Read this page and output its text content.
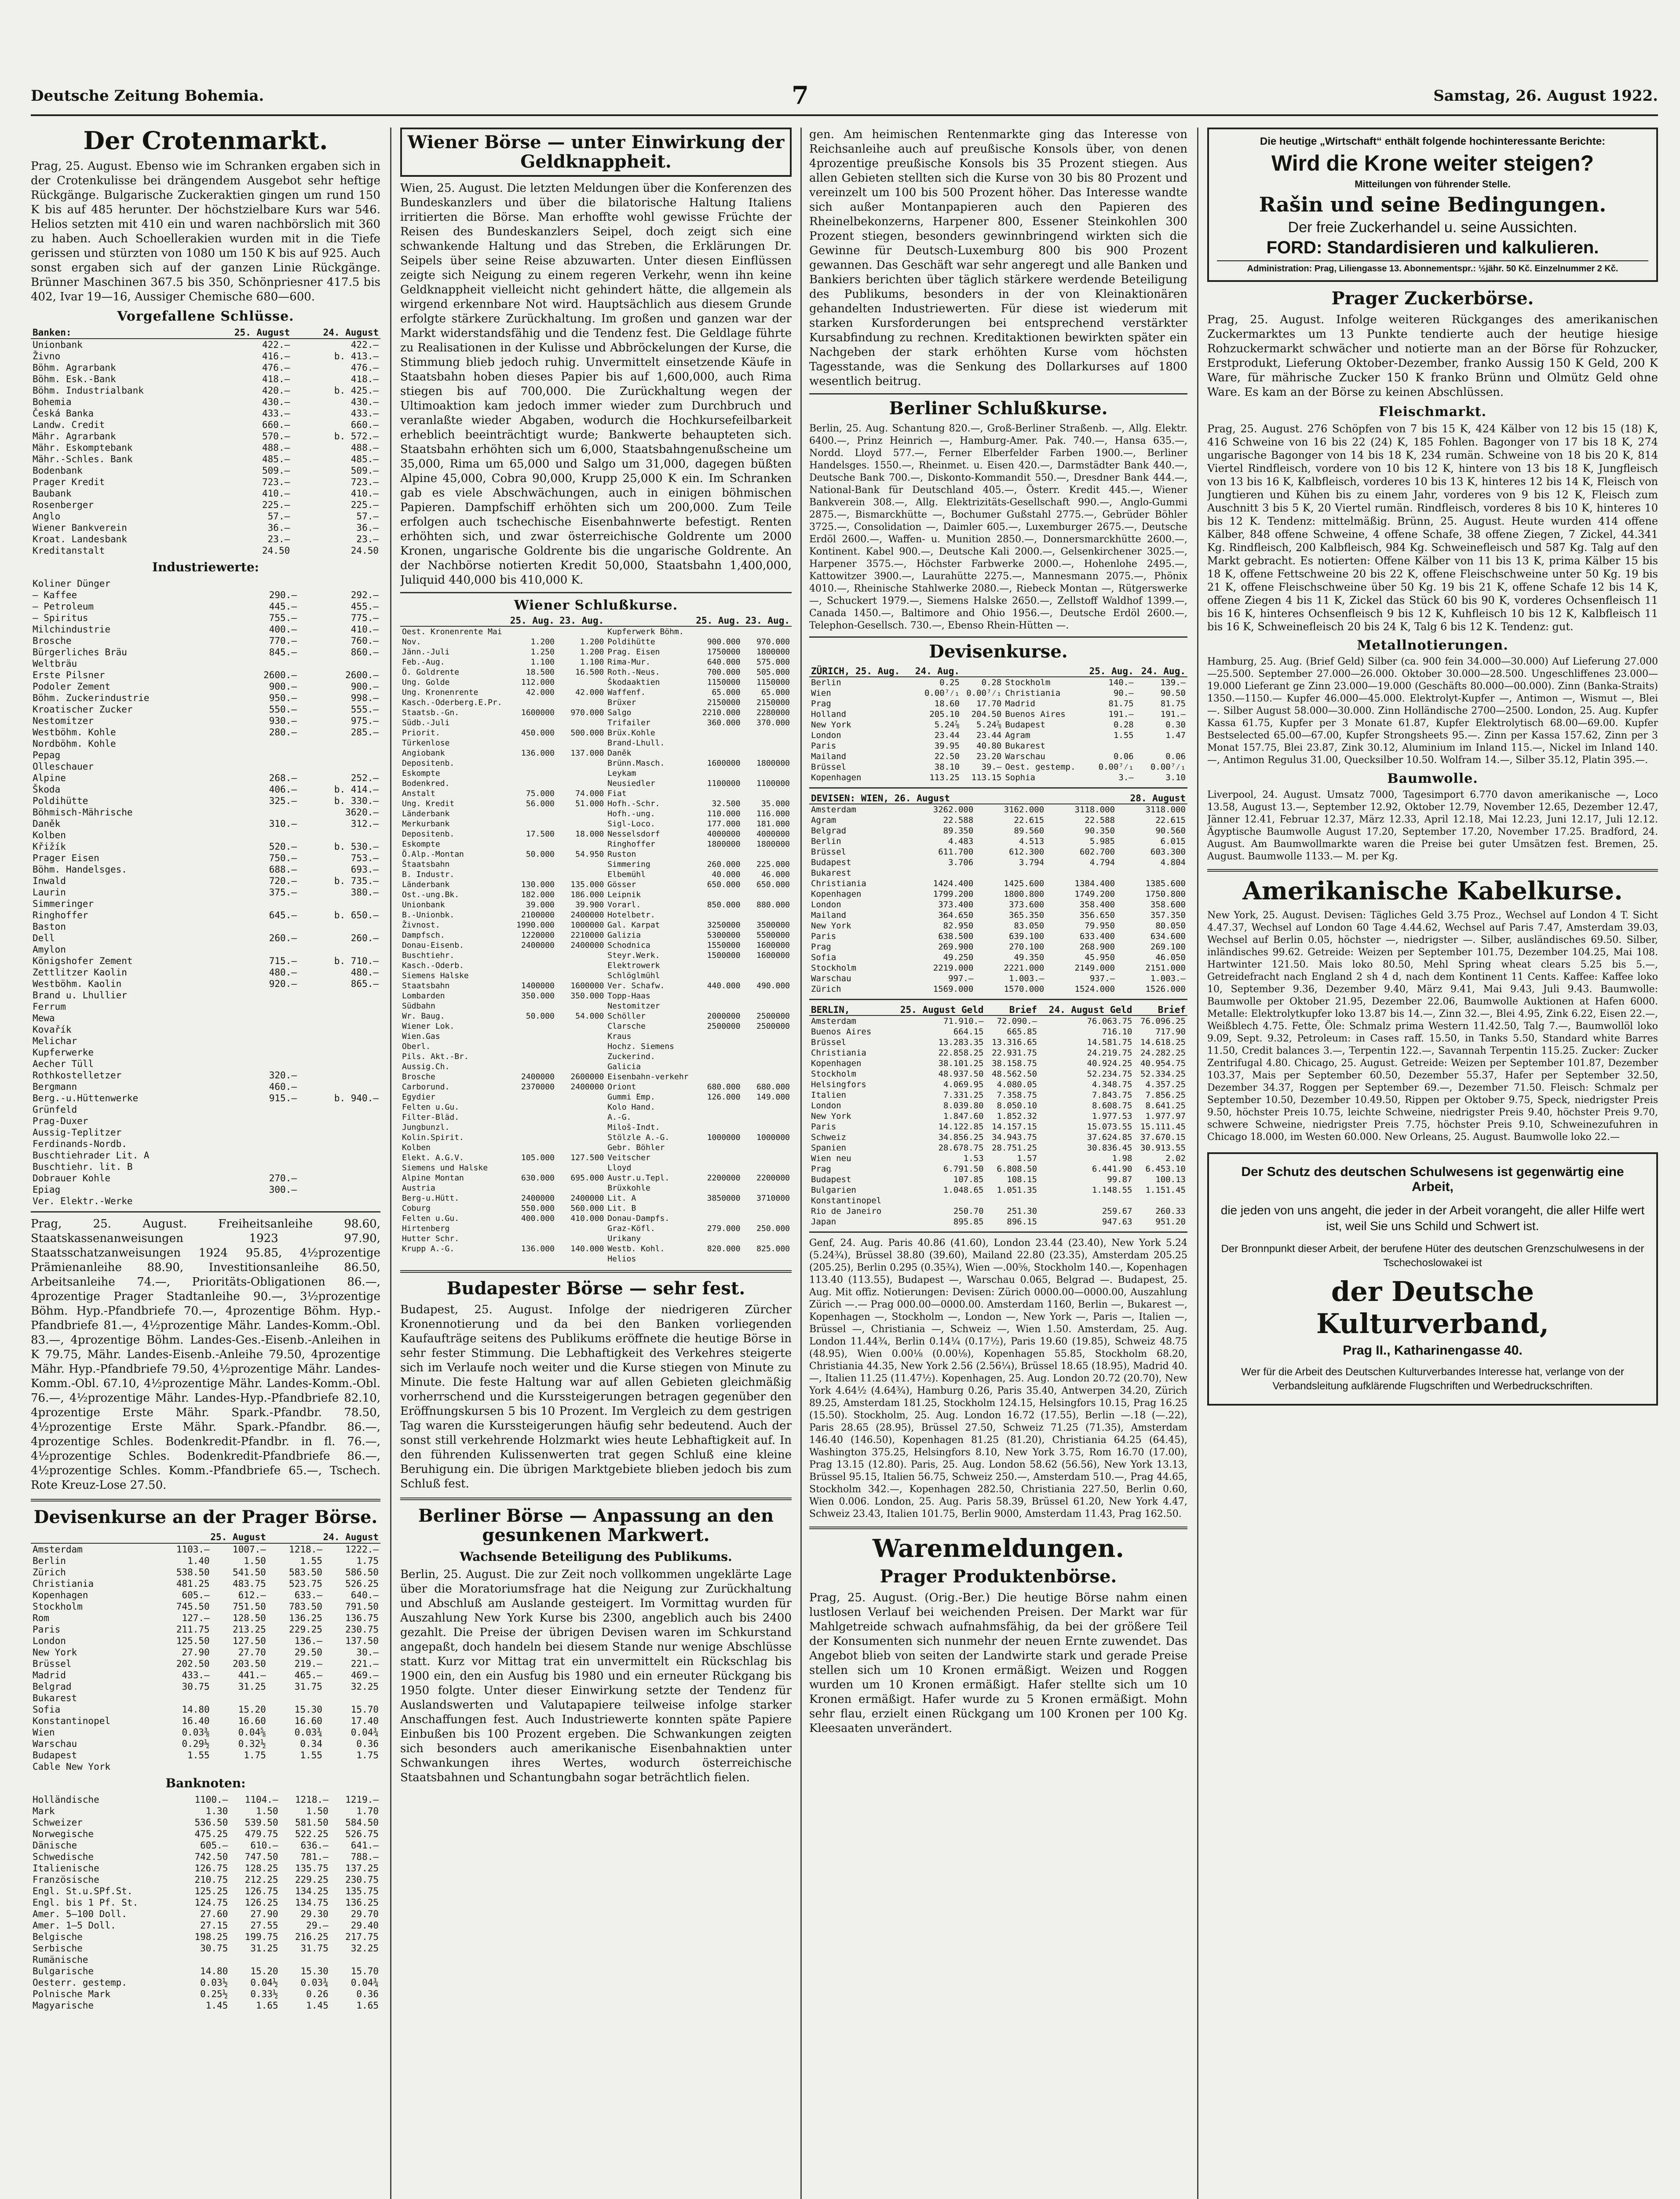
Deutsche Zeitung Bohemia.	7	Samstag, 26. August 1922.
Der Crotenmarkt.

Prag, 25. August. Ebenso wie im Schranken ergaben sich in der Crotenkulisse bei drängendem Ausgebot sehr heftige Rückgänge. Bulgarische Zuckeraktien gingen um rund 150 K bis auf 485 herunter. Der höchstzielbare Kurs war 546. Helios setzten mit 410 ein und waren nachbörslich mit 360 zu haben. Auch Schoellerakien wurden mit in die Tiefe gerissen und stürzten von 1080 um 150 K bis auf 925. Auch sonst ergaben sich auf der ganzen Linie Rückgänge. Brünner Maschinen 367.5 bis 350, Schönpriesner 417.5 bis 402, Ivar 19—16, Aussiger Chemische 680—600.

Vorgefallene Schlüsse.
Banken:	25. August	24. August
Unionbank	422.—	422.—
Živno	416.—	b. 413.—
Böhm. Agrarbank	476.—	476.—
Böhm. Esk.-Bank	418.—	418.—
Böhm. Industrialbank	420.—	b. 425.—
Bohemia	430.—	430.—
Česká Banka	433.—	433.—
Landw. Credit	660.—	660.—
Mähr. Agrarbank	570.—	b. 572.—
Mähr. Eskomptebank	488.—	488.—
Mähr.-Schles. Bank	485.—	485.—
Bodenbank	509.—	509.—
Prager Kredit	723.—	723.—
Baubank	410.—	410.—
Rosenberger	225.—	225.—
Anglo	57.—	57.—
Wiener Bankverein	36.—	36.—
Kroat. Landesbank	23.—	23.—
Kreditanstalt	24.50	24.50
Industriewerte:
Koliner Dünger		
— Kaffee	290.—	292.—
— Petroleum	445.—	455.—
— Spiritus	755.—	775.—
Milchindustrie	400.—	410.—
Brosche	770.—	760.—
Bürgerliches Bräu	845.—	860.—
Weltbräu		
Erste Pilsner	2600.—	2600.—
Podoler Zement	900.—	900.—
Böhm. Zuckerindustrie	950.—	998.—
Kroatischer Zucker	550.—	555.—
Nestomitzer	930.—	975.—
Westböhm. Kohle	280.—	285.—
Nordböhm. Kohle		
Pepag		
Olleschauer		
Alpine	268.—	252.—
Škoda	406.—	b. 414.—
Poldihütte	325.—	b. 330.—
Böhmisch-Mährische		3620.—
Daněk	310.—	312.—
Kolben		
Křižík	520.—	b. 530.—
Prager Eisen	750.—	753.—
Böhm. Handelsges.	688.—	693.—
Inwald	720.—	b. 735.—
Laurin	375.—	380.—
Simmeringer		
Ringhoffer	645.—	b. 650.—
Baston		
Dell	260.—	260.—
Amylon		
Königshofer Zement	715.—	b. 710.—
Zettlitzer Kaolin	480.—	480.—
Westböhm. Kaolin	920.—	865.—
Brand u. Lhullier		
Ferrum		
Mewa		
Kovařík		
Melichar		
Kupferwerke		
Aecher Tüll		
Rothkostelletzer	320.—	
Bergmann	460.—	
Berg.-u.Hüttenwerke	915.—	b. 940.—
Grünfeld		
Prag-Duxer		
Aussig-Teplitzer		
Ferdinands-Nordb.		
Buschtiehrader Lit. A		
Buschtiehr. lit. B		
Dobrauer Kohle	270.—	
Epiag	300.—	
Ver. Elektr.-Werke		

Prag, 25. August. Freiheitsanleihe 98.60, Staatskassenanweisungen 1923 97.90, Staatsschatzanweisungen 1924 95.85, 4½prozentige Prämienanleihe 88.90, Investitionsanleihe 86.50, Arbeitsanleihe 74.—, Prioritäts-Obligationen 86.—, 4prozentige Prager Stadtanleihe 90.—, 3½prozentige Böhm. Hyp.-Pfandbriefe 70.—, 4prozentige Böhm. Hyp.-Pfandbriefe 81.—, 4½prozentige Mähr. Landes-Komm.-Obl. 83.—, 4prozentige Böhm. Landes-Ges.-Eisenb.-Anleihen in K 79.75, Mähr. Landes-Eisenb.-Anleihe 79.50, 4prozentige Mähr. Hyp.-Pfandbriefe 79.50, 4½prozentige Mähr. Landes-Komm.-Obl. 67.10, 4½prozentige Mähr. Landes-Komm.-Obl. 76.—, 4½prozentige Mähr. Landes-Hyp.-Pfandbriefe 82.10, 4prozentige Erste Mähr. Spark.-Pfandbr. 78.50, 4½prozentige Erste Mähr. Spark.-Pfandbr. 86.—, 4prozentige Schles. Bodenkredit-Pfandbr. in fl. 76.—, 4½prozentige Schles. Bodenkredit-Pfandbriefe 86.—, 4½prozentige Schles. Komm.-Pfandbriefe 65.—, Tschech. Rote Kreuz-Lose 27.50.

Devisenkurse an der Prager Börse.
	25. August		24. August	
Amsterdam	1103.—	1007.—	1218.—	1222.—
Berlin	1.40	1.50	1.55	1.75
Zürich	538.50	541.50	583.50	586.50
Christiania	481.25	483.75	523.75	526.25
Kopenhagen	605.—	612.—	633.—	640.—
Stockholm	745.50	751.50	783.50	791.50
Rom	127.—	128.50	136.25	136.75
Paris	211.75	213.25	229.25	230.75
London	125.50	127.50	136.—	137.50
New York	27.90	27.70	29.50	30.—
Brüssel	202.50	203.50	219.—	221.—
Madrid	433.—	441.—	465.—	469.—
Belgrad	30.75	31.25	31.75	32.25
Bukarest				
Sofia	14.80	15.20	15.30	15.70
Konstantinopel	16.40	16.60	16.60	17.40
Wien	0.03⅜	0.04⅝	0.03¾	0.04¾
Warschau	0.29½	0.32½	0.34	0.36
Budapest	1.55	1.75	1.55	1.75
Cable New York				
Banknoten:
Holländische	1100.—	1104.—	1218.—	1219.—
Mark	1.30	1.50	1.50	1.70
Schweizer	536.50	539.50	581.50	584.50
Norwegische	475.25	479.75	522.25	526.75
Dänische	605.—	610.—	636.—	641.—
Schwedische	742.50	747.50	781.—	788.—
Italienische	126.75	128.25	135.75	137.25
Französische	210.75	212.25	229.25	230.75
Engl. St.u.SPf.St.	125.25	126.75	134.25	135.75
Engl. bis 1 Pf. St.	124.75	126.25	134.75	136.25
Amer. 5—100 Doll.	27.60	27.90	29.30	29.70
Amer. 1—5 Doll.	27.15	27.55	29.—	29.40
Belgische	198.25	199.75	216.25	217.75
Serbische	30.75	31.25	31.75	32.25
Rumänische				
Bulgarische	14.80	15.20	15.30	15.70
Oesterr. gestemp.	0.03½	0.04½	0.03¾	0.04¾
Polnische Mark	0.25½	0.33½	0.26	0.36
Magyarische	1.45	1.65	1.45	1.65
Wiener Börse — unter Einwirkung der Geldknappheit.

Wien, 25. August. Die letzten Meldungen über die Konferenzen des Bundeskanzlers und über die bilatorische Haltung Italiens irritierten die Börse. Man erhoffte wohl gewisse Früchte der Reisen des Bundeskanzlers Seipel, doch zeigt sich eine schwankende Haltung und das Streben, die Erklärungen Dr. Seipels über seine Reise abzuwarten. Unter diesen Einflüssen zeigte sich Neigung zu einem regeren Verkehr, wenn ihn keine Geldknappheit vielleicht nicht gehindert hätte, die allgemein als wirgend erkennbare Not wird. Hauptsächlich aus diesem Grunde erfolgte stärkere Zurückhaltung. Im großen und ganzen war der Markt widerstandsfähig und die Tendenz fest. Die Geldlage führte zu Realisationen in der Kulisse und Abbröckelungen der Kurse, die Stimmung blieb jedoch ruhig. Unvermittelt einsetzende Käufe in Staatsbahn hoben dieses Papier bis auf 1,600,000, auch Rima stiegen bis auf 700,000. Die Zurückhaltung wegen der Ultimoaktion kam jedoch immer wieder zum Durchbruch und veranlaßte wieder Abgaben, wodurch die Hochkursefeilbarkeit erheblich beeinträchtigt wurde; Bankwerte behaupteten sich. Staatsbahn erhöhten sich um 6,000, Staatsbahngenußscheine um 35,000, Rima um 65,000 und Salgo um 31,000, dagegen büßten Alpine 45,000, Cobra 90,000, Krupp 25,000 K ein. Im Schranken gab es viele Abschwächungen, auch in einigen böhmischen Papieren. Dampfschiff erhöhten sich um 200,000. Zum Teile erfolgen auch tschechische Eisenbahnwerte befestigt. Renten erhöhten sich, und zwar österreichische Goldrente um 2000 Kronen, ungarische Goldrente bis die ungarische Goldrente. An der Nachbörse notierten Kredit 50,000, Staatsbahn 1,400,000, Juliquid 440,000 bis 410,000 K.

Wiener Schlußkurse.
	25. Aug.	23. Aug.		25. Aug.	23. Aug.
Oest. Kronenrente Mai			Kupferwerk Böhm.		
Nov.	1.200	1.200	Poldihütte	900.000	970.000
Jänn.-Juli	1.250	1.200	Prag. Eisen	1750000	1800000
Feb.-Aug.	1.100	1.100	Rima-Mur.	640.000	575.000
Ö. Goldrente	18.500	16.500	Roth.-Neus.	700.000	505.000
Ung. Golde	112.000		Škodaaktien	1150000	1150000
Ung. Kronenrente	42.000	42.000	Waffenf.	65.000	65.000
Kasch.-Oderberg.E.Pr.			Brüxer	2150000	2150000
Staatsb.-Gn.	1600000	970.000	Salgo	2210.000	2280000
Südb.-Juli			Trifailer	360.000	370.000
Priorit.	450.000	500.000	Brüx.Kohle		
Türkenlose			Brand-Lhull.		
Angiobank	136.000	137.000	Daněk		
Depositenb.			Brünn.Masch.	1600000	1800000
Eskompte			Leykam		
Bodenkred.			Neusiedler	1100000	1100000
Anstalt	75.000	74.000	Fiat		
Ung. Kredit	56.000	51.000	Hofh.-Schr.	32.500	35.000
Länderbank			Hofh.-ung.	110.000	116.000
Merkurbank			Sigl-Loco.	177.000	181.000
Depositenb.	17.500	18.000	Nesselsdorf	4000000	4000000
Eskompte			Ringhoffer	1800000	1800000
Ö.Alp.-Montan	50.000	54.950	Ruston		
Štaatsbahn			Simmering	260.000	225.000
B. Industr.			Elbemühl	40.000	46.000
Länderbank	130.000	135.000	Gösser	650.000	650.000
Ost.-ung.Bk.	182.000	186.000	Leipnik		
Unionbank	39.000	39.900	Vorarl.	850.000	880.000
B.-Unionbk.	2100000	2400000	Hotelbetr.		
Živnost.	1990.000	1000000	Gal. Karpat	3250000	3500000
Dampfsch.	1220000	2210000	Galizia	5300000	5500000
Donau-Eisenb.	2400000	2400000	Schodnica	1550000	1600000
Buschtiehr.			Steyr.Werk.	1500000	1600000
Kasch.-Oderb.			Elektrowerk		
Siemens Halske			Schlöglmühl		
Staatsbahn	1400000	1600000	Ver. Schafw.	440.000	490.000
Lombarden	350.000	350.000	Topp-Haas		
Südbahn			Nestomitzer		
Wr. Baug.	50.000	54.000	Schöller	2000000	2500000
Wiener Lok.			Clarsche	2500000	2500000
Wien.Gas			Kraus		
Oberl.			Hochz. Siemens		
Pils. Akt.-Br.			Zuckerind.		
Aussig.Ch.			Galicia		
Brosche	2400000	2600000	Eisenbahn-verkehr		
Carborund.	2370000	2400000	Oriont	680.000	680.000
Egydier			Gummi Emp.	126.000	149.000
Felten u.Gu.			Kolo Hand.		
Filter-Bläd.			A.-G.		
Jungbunzl.			Miloš-Indt.		
Kolin.Spirit.			Stölzle A.-G.	1000000	1000000
Kolben			Gebr. Böhler		
Elekt. A.G.V.	105.000	127.500	Veitscher		
Siemens und Halske			Lloyd		
Alpine Montan	630.000	695.000	Austr.u.Tepl.	2200000	2200000
Austria			Brüxkohle		
Berg-u.Hütt.	2400000	2400000	Lit. A	3850000	3710000
Coburg	550.000	560.000	Lit. B		
Felten u.Gu.	400.000	410.000	Donau-Dampfs.		
Hirtenberg			Graz-Köfl.	279.000	250.000
Hutter Schr.			Urikany		
Krupp A.-G.	136.000	140.000	Westb. Kohl.	820.000	825.000
			Helios		
Budapester Börse — sehr fest.

Budapest, 25. August. Infolge der niedrigeren Zürcher Kronennotierung und da bei den Banken vorliegenden Kaufaufträge seitens des Publikums eröffnete die heutige Börse in sehr fester Stimmung. Die Lebhaftigkeit des Verkehres steigerte sich im Verlaufe noch weiter und die Kurse stiegen von Minute zu Minute. Die feste Haltung war auf allen Gebieten gleichmäßig vorherrschend und die Kurssteigerungen betragen gegenüber den Eröffnungskursen 5 bis 10 Prozent. Im Vergleich zu dem gestrigen Tag waren die Kurssteigerungen häufig sehr bedeutend. Auch der sonst still verkehrende Holzmarkt wies heute Lebhaftigkeit auf. In den führenden Kulissenwerten trat gegen Schluß eine kleine Beruhigung ein. Die übrigen Marktgebiete blieben jedoch bis zum Schluß fest.

Berliner Börse — Anpassung an den gesunkenen Markwert.
Wachsende Beteiligung des Publikums.

Berlin, 25. August. Die zur Zeit noch vollkommen ungeklärte Lage über die Moratoriumsfrage hat die Neigung zur Zurückhaltung und Abschluß am Auslande gesteigert. Im Vormittag wurden für Auszahlung New York Kurse bis 2300, angeblich auch bis 2400 gezahlt. Die Preise der übrigen Devisen waren im Schkurstand angepaßt, doch handeln bei diesem Stande nur wenige Abschlüsse statt. Kurz vor Mittag trat ein unvermittelt ein Rückschlag bis 1900 ein, den ein Ausfug bis 1980 und ein erneuter Rückgang bis 1950 folgte. Unter dieser Einwirkung setzte der Tendenz für Auslandswerten und Valutapapiere teilweise infolge starker Anschaffungen fest. Auch Industriewerte konnten späte Papiere Einbußen bis 100 Prozent ergeben. Die Schwankungen zeigten sich besonders auch amerikanische Eisenbahnaktien unter Schwankungen ihres Wertes, wodurch österreichische Staatsbahnen und Schantungbahn sogar beträchtlich fielen.

gen. Am heimischen Rentenmarkte ging das Interesse von Reichsanleihe auch auf preußische Konsols über, von denen 4prozentige preußische Konsols bis 35 Prozent stiegen. Aus allen Gebieten stellten sich die Kurse von 30 bis 80 Prozent und vereinzelt um 100 bis 500 Prozent höher. Das Interesse wandte sich außer Montanpapieren auch den Papieren des Rheinelbekonzerns, Harpener 800, Essener Steinkohlen 300 Prozent stiegen, besonders gewinnbringend wirkten sich die Gewinne für Deutsch-Luxemburg 800 bis 900 Prozent gewannen. Das Geschäft war sehr angeregt und alle Banken und Bankiers berichten über täglich stärkere werdende Beteiligung des Publikums, besonders in der von Kleinaktionären gehandelten Industriewerten. Für diese ist wiederum mit starken Kursforderungen bei entsprechend verstärkter Kursabfindung zu rechnen. Kreditaktionen bewirkten später ein Nachgeben der stark erhöhten Kurse vom höchsten Tagesstande, was die Senkung des Dollarkurses auf 1800 wesentlich beitrug.

Berliner Schlußkurse.

Berlin, 25. Aug. Schantung 820.—, Groß-Berliner Straßenb. —, Allg. Elektr. 6400.—, Prinz Heinrich —, Hamburg-Amer. Pak. 740.—, Hansa 635.—, Nordd. Lloyd 577.—, Ferner Elberfelder Farben 1900.—, Berliner Handelsges. 1550.—, Rheinmet. u. Eisen 420.—, Darmstädter Bank 440.—, Deutsche Bank 700.—, Diskonto-Kommandit 550.—, Dresdner Bank 444.—, National-Bank für Deutschland 405.—, Österr. Kredit 445.—, Wiener Bankverein 308.—, Allg. Elektrizitäts-Gesellschaft 990.—, Anglo-Gummi 2875.—, Bismarckhütte —, Bochumer Gußstahl 2775.—, Gebrüder Böhler 3725.—, Consolidation —, Daimler 605.—, Luxemburger 2675.—, Deutsche Erdöl 2600.—, Waffen- u. Munition 2850.—, Donnersmarckhütte 2600.—, Kontinent. Kabel 900.—, Deutsche Kali 2000.—, Gelsenkirchener 3025.—, Harpener 3575.—, Höchster Farbwerke 2000.—, Hohenlohe 2495.—, Kattowitzer 3900.—, Laurahütte 2275.—, Mannesmann 2075.—, Phönix 4010.—, Rheinische Stahlwerke 2080.—, Riebeck Montan —, Rütgerswerke —, Schuckert 1979.—, Siemens Halske 2650.—, Zellstoff Waldhof 1399.—, Canada 1450.—, Baltimore and Ohio 1956.—, Deutsche Erdöl 2600.—, Telephon-Gesellsch. 730.—, Ebenso Rhein-Hütten —.

Devisenkurse.
ZÜRICH, 25. Aug.	24. Aug.			25. Aug.	24. Aug.
Berlin	0.25	0.28	Stockholm	140.—	139.—
Wien	0.00⁷⁄₁	0.00⁷⁄₁	Christiania	90.—	90.50
Prag	18.60	17.70	Madrid	81.75	81.75
Holland	205.10	204.50	Buenos Aires	191.—	191.—
New York	5.24⅞	5.24⅞	Budapest	0.28	0.30
London	23.44	23.44	Agram	1.55	1.47
Paris	39.95	40.80	Bukarest		
Mailand	22.50	23.20	Warschau	0.06	0.06
Brüssel	38.10	39.—	Oest. gestemp.	0.00⁷⁄₁	0.00⁷⁄₁
Kopenhagen	113.25	113.15	Sophia	3.—	3.10
DEVISEN: WIEN, 26. August			28. August	
Amsterdam	3262.000	3162.000	3118.000	3118.000
Agram	22.588	22.615	22.588	22.615
Belgrad	89.350	89.560	90.350	90.560
Berlin	4.483	4.513	5.985	6.015
Brüssel	611.700	612.300	602.700	603.300
Budapest	3.706	3.794	4.794	4.804
Bukarest				
Christiania	1424.400	1425.600	1384.400	1385.600
Kopenhagen	1799.200	1800.800	1749.200	1750.800
London	373.400	373.600	358.400	358.600
Mailand	364.650	365.350	356.650	357.350
New York	82.950	83.050	79.950	80.050
Paris	638.500	639.100	633.400	634.600
Prag	269.900	270.100	268.900	269.100
Sofia	49.250	49.350	45.950	46.050
Stockholm	2219.000	2221.000	2149.000	2151.000
Warschau	997.—	1.003.—	937.—	1.003.—
Zürich	1569.000	1570.000	1524.000	1526.000
BERLIN,	25. August Geld	Brief	24. August Geld	Brief
Amsterdam	71.910.—	72.090.—	76.063.75	76.096.25
Buenos Aires	664.15	665.85	716.10	717.90
Brüssel	13.283.35	13.316.65	14.581.75	14.618.25
Christiania	22.858.25	22.931.75	24.219.75	24.282.25
Kopenhagen	38.101.25	38.158.75	40.924.25	40.954.75
Stockholm	48.937.50	48.562.50	52.234.75	52.334.25
Helsingfors	4.069.95	4.080.05	4.348.75	4.357.25
Italien	7.331.25	7.358.75	7.843.75	7.856.25
London	8.039.80	8.050.10	8.608.75	8.641.25
New York	1.847.60	1.852.32	1.977.53	1.977.97
Paris	14.122.85	14.157.15	15.073.55	15.111.45
Schweiz	34.856.25	34.943.75	37.624.85	37.670.15
Spanien	28.678.75	28.751.25	30.836.45	30.913.55
Wien neu	1.53	1.57	1.98	2.02
Prag	6.791.50	6.808.50	6.441.90	6.453.10
Budapest	107.85	108.15	99.87	100.13
Bulgarien	1.048.65	1.051.35	1.148.55	1.151.45
Konstantinopel				
Rio de Janeiro	250.70	251.30	259.67	260.33
Japan	895.85	896.15	947.63	951.20

Genf, 24. Aug. Paris 40.86 (41.60), London 23.44 (23.40), New York 5.24 (5.24¾), Brüssel 38.80 (39.60), Mailand 22.80 (23.35), Amsterdam 205.25 (205.25), Berlin 0.295 (0.35¾), Wien —.00⅝, Stockholm 140.—, Kopenhagen 113.40 (113.55), Budapest —, Warschau 0.065, Belgrad —. Budapest, 25. Aug. Mit offiz. Notierungen: Devisen: Zürich 0000.00—0000.00, Auszahlung Zürich —.— Prag 000.00—0000.00. Amsterdam 1160, Berlin —, Bukarest —, Kopenhagen —, Stockholm —, London —, New York —, Paris —, Italien —, Brüssel —, Christiania —, Schweiz —, Wien 1.50. Amsterdam, 25. Aug. London 11.44¾, Berlin 0.14¼ (0.17½), Paris 19.60 (19.85), Schweiz 48.75 (48.95), Wien 0.00⅛ (0.00⅛), Kopenhagen 55.85, Stockholm 68.20, Christiania 44.35, New York 2.56 (2.56¼), Brüssel 18.65 (18.95), Madrid 40.—, Italien 11.25 (11.47½). Kopenhagen, 25. Aug. London 20.72 (20.70), New York 4.64½ (4.64¾), Hamburg 0.26, Paris 35.40, Antwerpen 34.20, Zürich 89.25, Amsterdam 181.25, Stockholm 124.15, Helsingfors 10.15, Prag 16.25 (15.50). Stockholm, 25. Aug. London 16.72 (17.55), Berlin —.18 (—.22), Paris 28.65 (28.95), Brüssel 27.50, Schweiz 71.25 (71.35), Amsterdam 146.40 (146.50), Kopenhagen 81.25 (81.20), Christiania 64.25 (64.45), Washington 375.25, Helsingfors 8.10, New York 3.75, Rom 16.70 (17.00), Prag 13.15 (12.80). Paris, 25. Aug. London 58.62 (56.56), New York 13.13, Brüssel 95.15, Italien 56.75, Schweiz 250.—, Amsterdam 510.—, Prag 44.65, Stockholm 342.—, Kopenhagen 282.50, Christiania 227.50, Berlin 0.60, Wien 0.006. London, 25. Aug. Paris 58.39, Brüssel 61.20, New York 4.47, Schweiz 23.43, Italien 101.75, Berlin 9000, Amsterdam 11.43, Prag 162.50.

Warenmeldungen.
Prager Produktenbörse.

Prag, 25. August. (Orig.-Ber.) Die heutige Börse nahm einen lustlosen Verlauf bei weichenden Preisen. Der Markt war für Mahlgetreide schwach aufnahmsfähig, da bei der größere Teil der Konsumenten sich nunmehr der neuen Ernte zuwendet. Das Angebot blieb von seiten der Landwirte stark und gerade Preise stellen sich um 10 Kronen ermäßigt. Weizen und Roggen wurden um 10 Kronen ermäßigt. Hafer stellte sich um 10 Kronen ermäßigt. Hafer wurde zu 5 Kronen ermäßigt. Mohn sehr flau, erzielt einen Rückgang um 100 Kronen per 100 Kg. Kleesaaten unverändert.

Die heutige „Wirtschaft“ enthält folgende hochinteressante Berichte:
Wird die Krone weiter steigen?
Mitteilungen von führender Stelle.
Rašin und seine Bedingungen.
Der freie Zuckerhandel u. seine Aussichten.
FORD: Standardisieren und kalkulieren.
Administration: Prag, Liliengasse 13. Abonnementspr.: ½jähr. 50 Kč. Einzelnummer 2 Kč.
Prager Zuckerbörse.

Prag, 25. August. Infolge weiteren Rückganges des amerikanischen Zuckermarktes um 13 Punkte tendierte auch der heutige hiesige Rohzuckermarkt schwächer und notierte man an der Börse für Rohzucker, Erstprodukt, Lieferung Oktober-Dezember, franko Aussig 150 K Geld, 200 K Ware, für mährische Zucker 150 K franko Brünn und Olmütz Geld ohne Ware. Es kam an der Börse zu keinen Abschlüssen.

Fleischmarkt.

Prag, 25. August. 276 Schöpfen von 7 bis 15 K, 424 Kälber von 12 bis 15 (18) K, 416 Schweine von 16 bis 22 (24) K, 185 Fohlen. Bagonger von 17 bis 18 K, 274 ungarische Bagonger von 14 bis 18 K, 234 rumän. Schweine von 18 bis 20 K, 814 Viertel Rindfleisch, vordere von 10 bis 12 K, hintere von 13 bis 18 K, Jungfleisch von 13 bis 16 K, Kalbfleisch, vorderes 10 bis 13 K, hinteres 12 bis 14 K, Fleisch von Jungtieren und Kühen bis zu einem Jahr, vorderes von 9 bis 12 K, Fleisch zum Auschnitt 3 bis 5 K, 20 Viertel rumän. Rindfleisch, vorderes 8 bis 10 K, hinteres 10 bis 12 K. Tendenz: mittelmäßig. Brünn, 25. August. Heute wurden 414 offene Kälber, 848 offene Schweine, 4 offene Schafe, 38 offene Ziegen, 7 Zickel, 44.341 Kg. Rindfleisch, 200 Kalbfleisch, 984 Kg. Schweinefleisch und 587 Kg. Talg auf den Markt gebracht. Es notierten: Offene Kälber von 11 bis 13 K, prima Kälber 15 bis 18 K, offene Fettschweine 20 bis 22 K, offene Fleischschweine unter 50 Kg. 19 bis 21 K, offene Fleischschweine über 50 Kg. 19 bis 21 K, offene Schafe 12 bis 14 K, offene Ziegen 4 bis 11 K, Zickel das Stück 60 bis 90 K, vorderes Ochsenfleisch 11 bis 16 K, hinteres Ochsenfleisch 9 bis 12 K, Kuhfleisch 10 bis 12 K, Kalbfleisch 11 bis 16 K, Schweinefleisch 20 bis 24 K, Talg 6 bis 12 K. Tendenz: gut.

Metallnotierungen.

Hamburg, 25. Aug. (Brief Geld) Silber (ca. 900 fein 34.000—30.000) Auf Lieferung 27.000—25.500. September 27.000—26.000. Oktober 30.000—28.500. Ungeschliffenes 23.000—19.000 Lieferant ge Zinn 23.000—19.000 (Geschäfts 80.000—00.000). Zinn (Banka-Straits) 1350.—1150.— Kupfer 46.000—45.000. Elektrolyt-Kupfer —, Antimon —, Wismut —, Blei —. Silber August 58.000—30.000. Zinn Holländische 2700—2500. London, 25. Aug. Kupfer Kassa 61.75, Kupfer per 3 Monate 61.87, Kupfer Elektrolytisch 68.00—69.00. Kupfer Bestselected 65.00—67.00, Kupfer Strongsheets 95.—. Zinn per Kassa 157.62, Zinn per 3 Monat 157.75, Blei 23.87, Zink 30.12, Aluminium im Inland 115.—, Nickel im Inland 140.—, Antimon Regulus 31.00, Quecksilber 10.50. Wolfram 14.—, Silber 35.12, Platin 395.—.

Baumwolle.

Liverpool, 24. August. Umsatz 7000, Tagesimport 6.770 davon amerikanische —, Loco 13.58, August 13.—, September 12.92, Oktober 12.79, November 12.65, Dezember 12.47, Jänner 12.41, Februar 12.37, März 12.33, April 12.18, Mai 12.23, Juni 12.17, Juli 12.12. Ägyptische Baumwolle August 17.20, September 17.20, November 17.25. Bradford, 24. August. Am Baumwollmarkte waren die Preise bei guter Umsätzen fest. Bremen, 25. August. Baumwolle 1133.— M. per Kg.

Amerikanische Kabelkurse.

New York, 25. August. Devisen: Tägliches Geld 3.75 Proz., Wechsel auf London 4 T. Sicht 4.47.37, Wechsel auf London 60 Tage 4.44.62, Wechsel auf Paris 7.47, Amsterdam 39.03, Wechsel auf Berlin 0.05, höchster —, niedrigster —. Silber, ausländisches 69.50. Silber, inländisches 99.62. Getreide: Weizen per September 101.75, Dezember 104.25, Mai 108. Hartwinter 121.50. Mais loko 80.50, Mehl Spring wheat clears 5.25 bis 5.—, Getreidefracht nach England 2 sh 4 d, nach dem Kontinent 11 Cents. Kaffee: Kaffee loko 10, September 9.36, Dezember 9.40, März 9.41, Mai 9.43, Juli 9.43. Baumwolle: Baumwolle per Oktober 21.95, Dezember 22.06, Baumwolle Auktionen at Hafen 6000. Metalle: Elektrolytkupfer loko 13.87 bis 14.—, Zinn 32.—, Blei 4.95, Zink 6.22, Eisen 22.—, Weißblech 4.75. Fette, Öle: Schmalz prima Western 11.42.50, Talg 7.—, Baumwollöl loko 9.09, Sept. 9.32, Petroleum: in Cases raff. 15.50, in Tanks 5.50, Standard white Barres 11.50, Credit balances 3.—, Terpentin 122.—, Savannah Terpentin 115.25. Zucker: Zucker Zentrifugal 4.80. Chicago, 25. August. Getreide: Weizen per September 101.87, Dezember 103.37, Mais per September 60.50, Dezember 55.37, Hafer per September 32.50, Dezember 34.37, Roggen per September 69.—, Dezember 71.50. Fleisch: Schmalz per September 10.50, Dezember 10.49.50, Rippen per Oktober 9.75, Speck, niedrigster Preis 9.50, höchster Preis 10.75, leichte Schweine, niedrigster Preis 9.40, höchster Preis 9.70, schwere Schweine, niedrigster Preis 7.75, höchster Preis 9.10, Schweinezufuhren in Chicago 18.000, im Westen 60.000. New Orleans, 25. August. Baumwolle loko 22.—

Der Schutz des deutschen Schulwesens ist gegenwärtig eine Arbeit,
die jeden von uns angeht, die jeder in der Arbeit vorangeht, die aller Hilfe wert ist, weil Sie uns Schild und Schwert ist.
Der Bronnpunkt dieser Arbeit, der berufene Hüter des deutschen Grenzschulwesens in der Tschechoslowakei ist
der Deutsche Kulturverband,
Prag II., Katharinengasse 40.
Wer für die Arbeit des Deutschen Kulturverbandes Interesse hat, verlange von der Verbandsleitung aufklärende Flugschriften und Werbedruckschriften.
